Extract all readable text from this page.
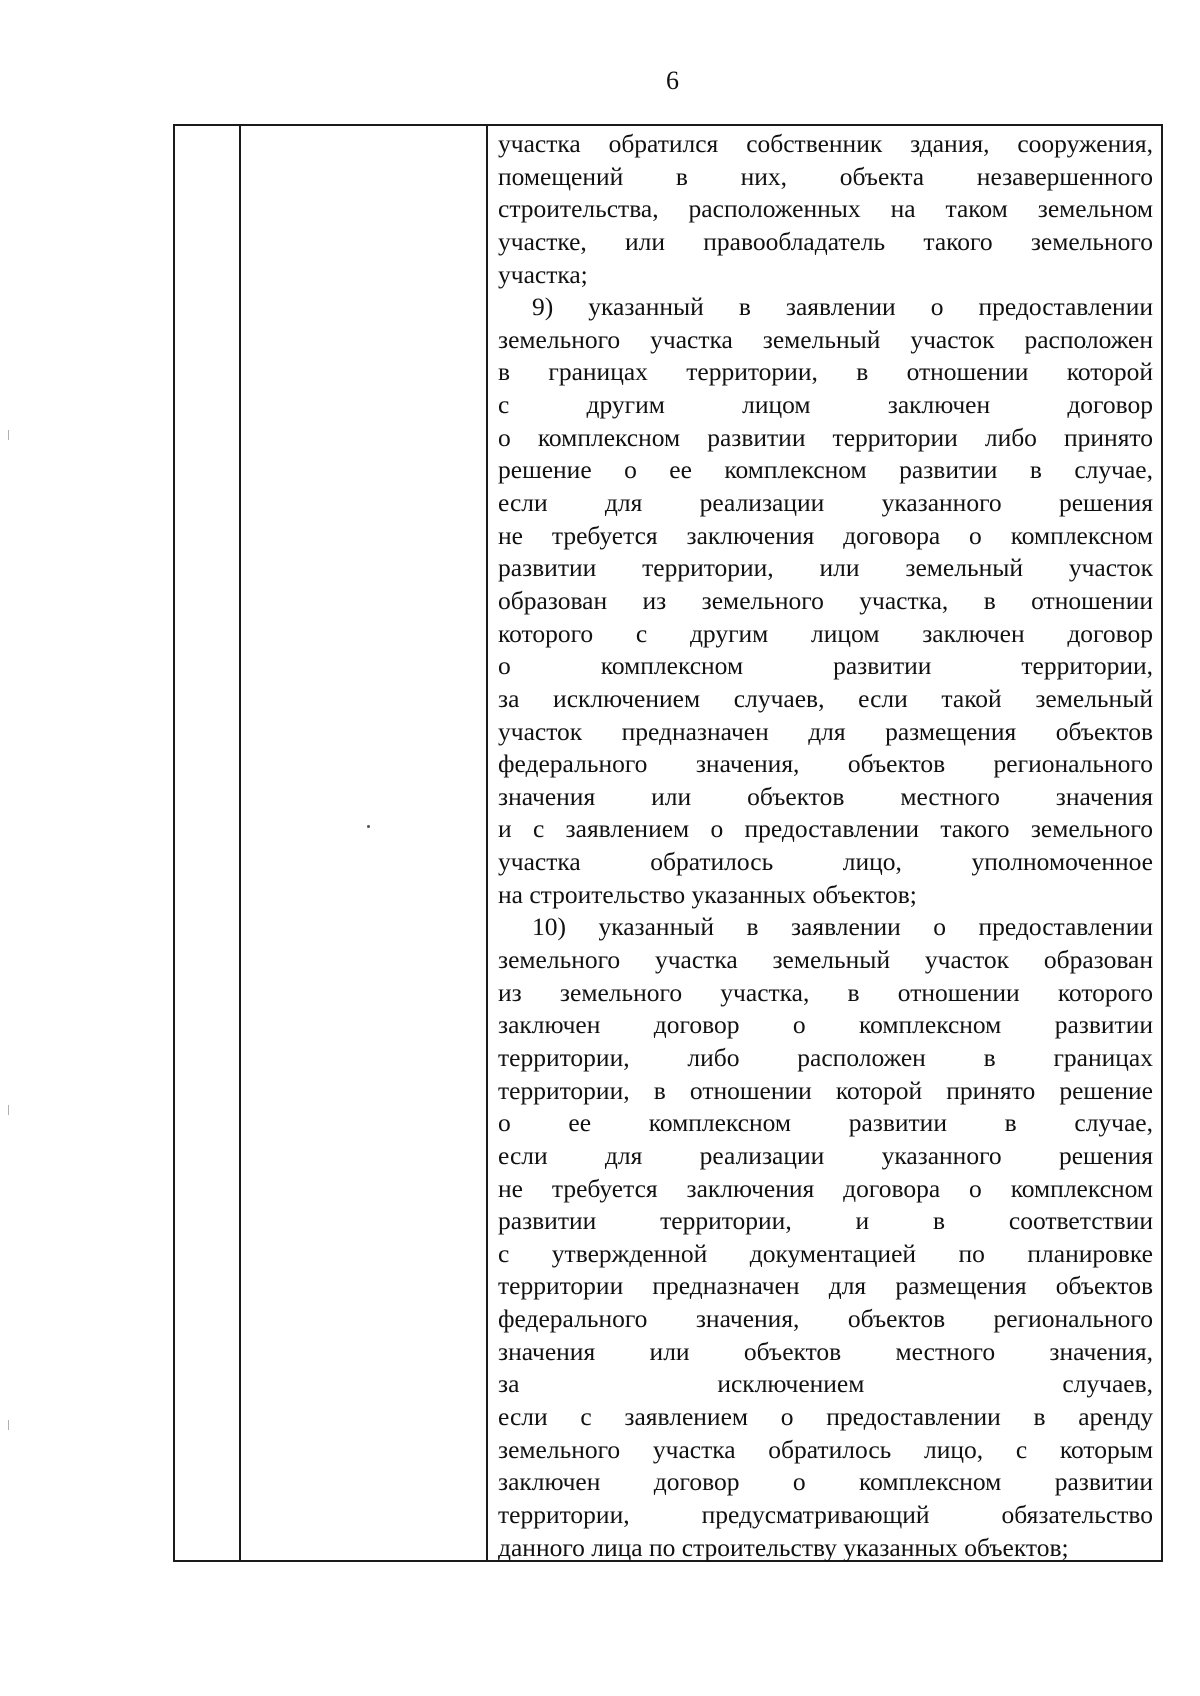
6
участка обратился собственник здания, сооружения,
помещений в них, объекта незавершенного
строительства, расположенных на таком земельном
участке, или правообладатель такого земельного
участка;
9) указанный в заявлении о предоставлении
земельного участка земельный участок расположен
в границах территории, в отношении которой
с другим лицом заключен договор
о комплексном развитии территории либо принято
решение о ее комплексном развитии в случае,
если для реализации указанного решения
не требуется заключения договора о комплексном
развитии территории, или земельный участок
образован из земельного участка, в отношении
которого с другим лицом заключен договор
о комплексном развитии территории,
за исключением случаев, если такой земельный
участок предназначен для размещения объектов
федерального значения, объектов регионального
значения или объектов местного значения
и с заявлением о предоставлении такого земельного
участка обратилось лицо, уполномоченное
на строительство указанных объектов;
10) указанный в заявлении о предоставлении
земельного участка земельный участок образован
из земельного участка, в отношении которого
заключен договор о комплексном развитии
территории, либо расположен в границах
территории, в отношении которой принято решение
о ее комплексном развитии в случае,
если для реализации указанного решения
не требуется заключения договора о комплексном
развитии территории, и в соответствии
с утвержденной документацией по планировке
территории предназначен для размещения объектов
федерального значения, объектов регионального
значения или объектов местного значения,
за исключением случаев,
если с заявлением о предоставлении в аренду
земельного участка обратилось лицо, с которым
заключен договор о комплексном развитии
территории, предусматривающий обязательство
данного лица по строительству указанных объектов;
